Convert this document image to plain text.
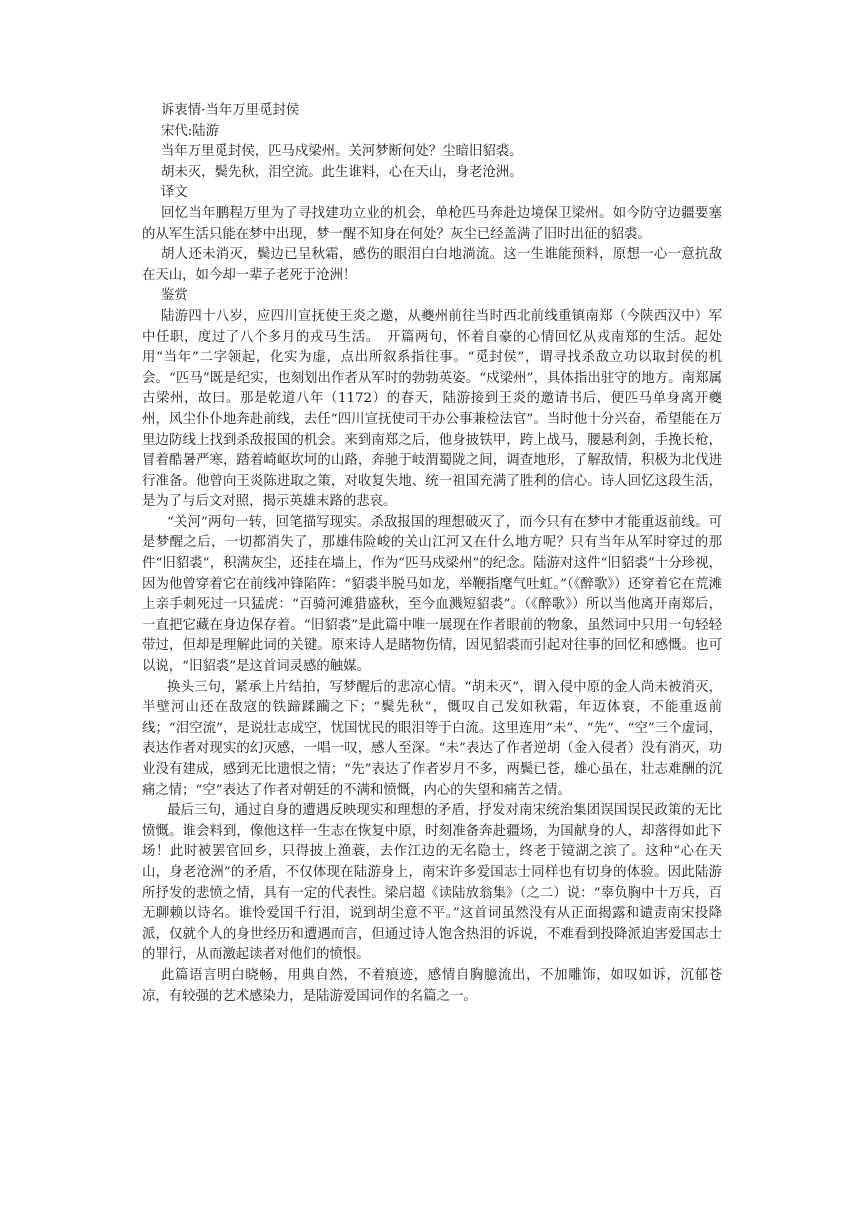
诉衷情·当年万里觅封侯

宋代:陆游

当年万里觅封侯，匹马戍梁州。关河梦断何处？尘暗旧貂裘。

胡未灭，鬓先秋，泪空流。此生谁料，心在天山，身老沧洲。

译文

回忆当年鹏程万里为了寻找建功立业的机会，单枪匹马奔赴边境保卫梁州。如今防守边疆要塞的从军生活只能在梦中出现，梦一醒不知身在何处？灰尘已经盖满了旧时出征的貂裘。

胡人还未消灭，鬓边已呈秋霜，感伤的眼泪白白地淌流。这一生谁能预料，原想一心一意抗敌在天山，如今却一辈子老死于沧洲！

鉴赏

陆游四十八岁，应四川宣抚使王炎之邀，从夔州前往当时西北前线重镇南郑（今陕西汉中）军中任职，度过了八个多月的戎马生活。　开篇两句，怀着自豪的心情回忆从戎南郑的生活。起处用“当年”二字领起，化实为虚，点出所叙系指往事。“觅封侯”，谓寻找杀敌立功以取封侯的机会。“匹马”既是纪实，也刻划出作者从军时的勃勃英姿。“戍梁州”，具体指出驻守的地方。南郑属古梁州，故曰。那是乾道八年（1172）的春天，陆游接到王炎的邀请书后，便匹马单身离开夔州，风尘仆仆地奔赴前线，去任“四川宣抚使司干办公事兼检法官”。当时他十分兴奋，希望能在万里边防线上找到杀敌报国的机会。来到南郑之后，他身披铁甲，跨上战马，腰悬利剑，手挽长枪，冒着酷暑严寒，踏着崎岖坎坷的山路，奔驰于岐渭蜀陇之间，调查地形，了解敌情，积极为北伐进行准备。他曾向王炎陈进取之策，对收复失地、统一祖国充满了胜利的信心。诗人回忆这段生活，是为了与后文对照，揭示英雄末路的悲哀。

“关河”两句一转，回笔描写现实。杀敌报国的理想破灭了，而今只有在梦中才能重返前线。可是梦醒之后，一切都消失了，那雄伟险峻的关山江河又在什么地方呢？只有当年从军时穿过的那件“旧貂裘”，积满灰尘，还挂在墙上，作为“匹马戍梁州”的纪念。陆游对这件“旧貂裘”十分珍视，因为他曾穿着它在前线冲锋陷阵：“貂裘半脱马如龙，举鞭指麾气吐虹。”（《醉歌》）还穿着它在荒滩上亲手刺死过一只猛虎：“百骑河滩猎盛秋，至今血溅短貂裘”。（《醉歌》）所以当他离开南郑后，一直把它藏在身边保存着。“旧貂裘”是此篇中唯一展现在作者眼前的物象，虽然词中只用一句轻轻带过，但却是理解此词的关键。原来诗人是睹物伤情，因见貂裘而引起对往事的回忆和感慨。也可以说，“旧貂裘”是这首词灵感的触媒。

换头三句，紧承上片结拍，写梦醒后的悲凉心情。“胡未灭”，谓入侵中原的金人尚未被消灭，半壁河山还在敌寇的铁蹄蹂躏之下；“鬓先秋”，慨叹自己发如秋霜，年迈体衰，不能重返前线；“泪空流”，是说壮志成空，忧国忧民的眼泪等于白流。这里连用“未”、“先”、“空”三个虚词，表达作者对现实的幻灭感，一唱一叹，感人至深。“未”表达了作者逆胡（金入侵者）没有消灭，功业没有建成，感到无比遗恨之情；“先”表达了作者岁月不多，两鬓已苍，雄心虽在，壮志难酬的沉痛之情；“空”表达了作者对朝廷的不满和愤慨，内心的失望和痛苦之情。

最后三句，通过自身的遭遇反映现实和理想的矛盾，抒发对南宋统治集团误国误民政策的无比愤慨。谁会料到，像他这样一生志在恢复中原，时刻准备奔赴疆场，为国献身的人，却落得如此下场！此时被罢官回乡，只得披上渔蓑，去作江边的无名隐士，终老于镜湖之滨了。这种“心在天山，身老沧洲”的矛盾，不仅体现在陆游身上，南宋许多爱国志士同样也有切身的体验。因此陆游所抒发的悲愤之情，具有一定的代表性。梁启超《读陆放翁集》（之二）说：“辜负胸中十万兵，百无聊赖以诗名。谁怜爱国千行泪，说到胡尘意不平。”这首词虽然没有从正面揭露和谴责南宋投降派，仅就个人的身世经历和遭遇而言，但通过诗人饱含热泪的诉说，不难看到投降派迫害爱国志士的罪行，从而激起读者对他们的愤恨。

此篇语言明白晓畅，用典自然，不着痕迹，感情自胸臆流出，不加雕饰，如叹如诉，沉郁苍凉，有较强的艺术感染力，是陆游爱国词作的名篇之一。
